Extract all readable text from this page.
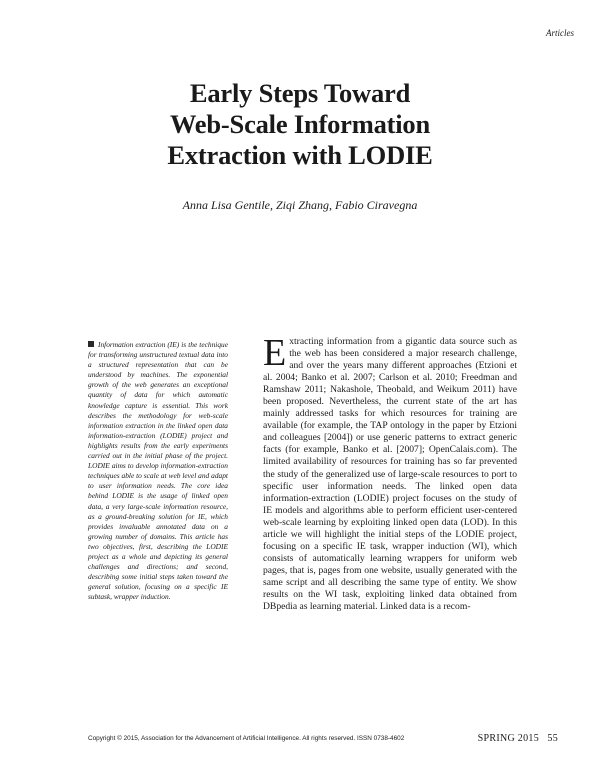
Articles
Early Steps Toward
Web-Scale Information
Extraction with LODIE
Anna Lisa Gentile, Ziqi Zhang, Fabio Ciravegna
Information extraction (IE) is the technique for transforming unstructured textual data into a structured representation that can be understood by machines. The exponential growth of the web generates an exceptional quantity of data for which automatic knowledge capture is essential. This work describes the methodology for web-scale information extraction in the linked open data information-extraction (LODIE) project and highlights results from the early experiments carried out in the initial phase of the project. LODIE aims to develop information-extraction techniques able to scale at web level and adapt to user information needs. The core idea behind LODIE is the usage of linked open data, a very large-scale information resource, as a ground-breaking solution for IE, which provides invaluable annotated data on a growing number of domains. This article has two objectives, first, describing the LODIE project as a whole and depicting its general challenges and directions; and second, describing some initial steps taken toward the general solution, focusing on a specific IE subtask, wrapper induction.
Extracting information from a gigantic data source such as the web has been considered a major research challenge, and over the years many different approaches (Etzioni et al. 2004; Banko et al. 2007; Carlson et al. 2010; Freedman and Ramshaw 2011; Nakashole, Theobald, and Weikum 2011) have been proposed. Nevertheless, the current state of the art has mainly addressed tasks for which resources for training are available (for example, the TAP ontology in the paper by Etzioni and colleagues [2004]) or use generic patterns to extract generic facts (for example, Banko et al. [2007]; OpenCalais.com). The limited availability of resources for training has so far prevented the study of the generalized use of large-scale resources to port to specific user information needs. The linked open data information-extraction (LODIE) project focuses on the study of IE models and algorithms able to perform efficient user-centered web-scale learning by exploiting linked open data (LOD). In this article we will highlight the initial steps of the LODIE project, focusing on a specific IE task, wrapper induction (WI), which consists of automatically learning wrappers for uniform web pages, that is, pages from one website, usually generated with the same script and all describing the same type of entity. We show results on the WI task, exploiting linked data obtained from DBpedia as learning material. Linked data is a recom-
Copyright © 2015, Association for the Advancement of Artificial Intelligence. All rights reserved. ISSN 0738-4602	SPRING 2015   55
